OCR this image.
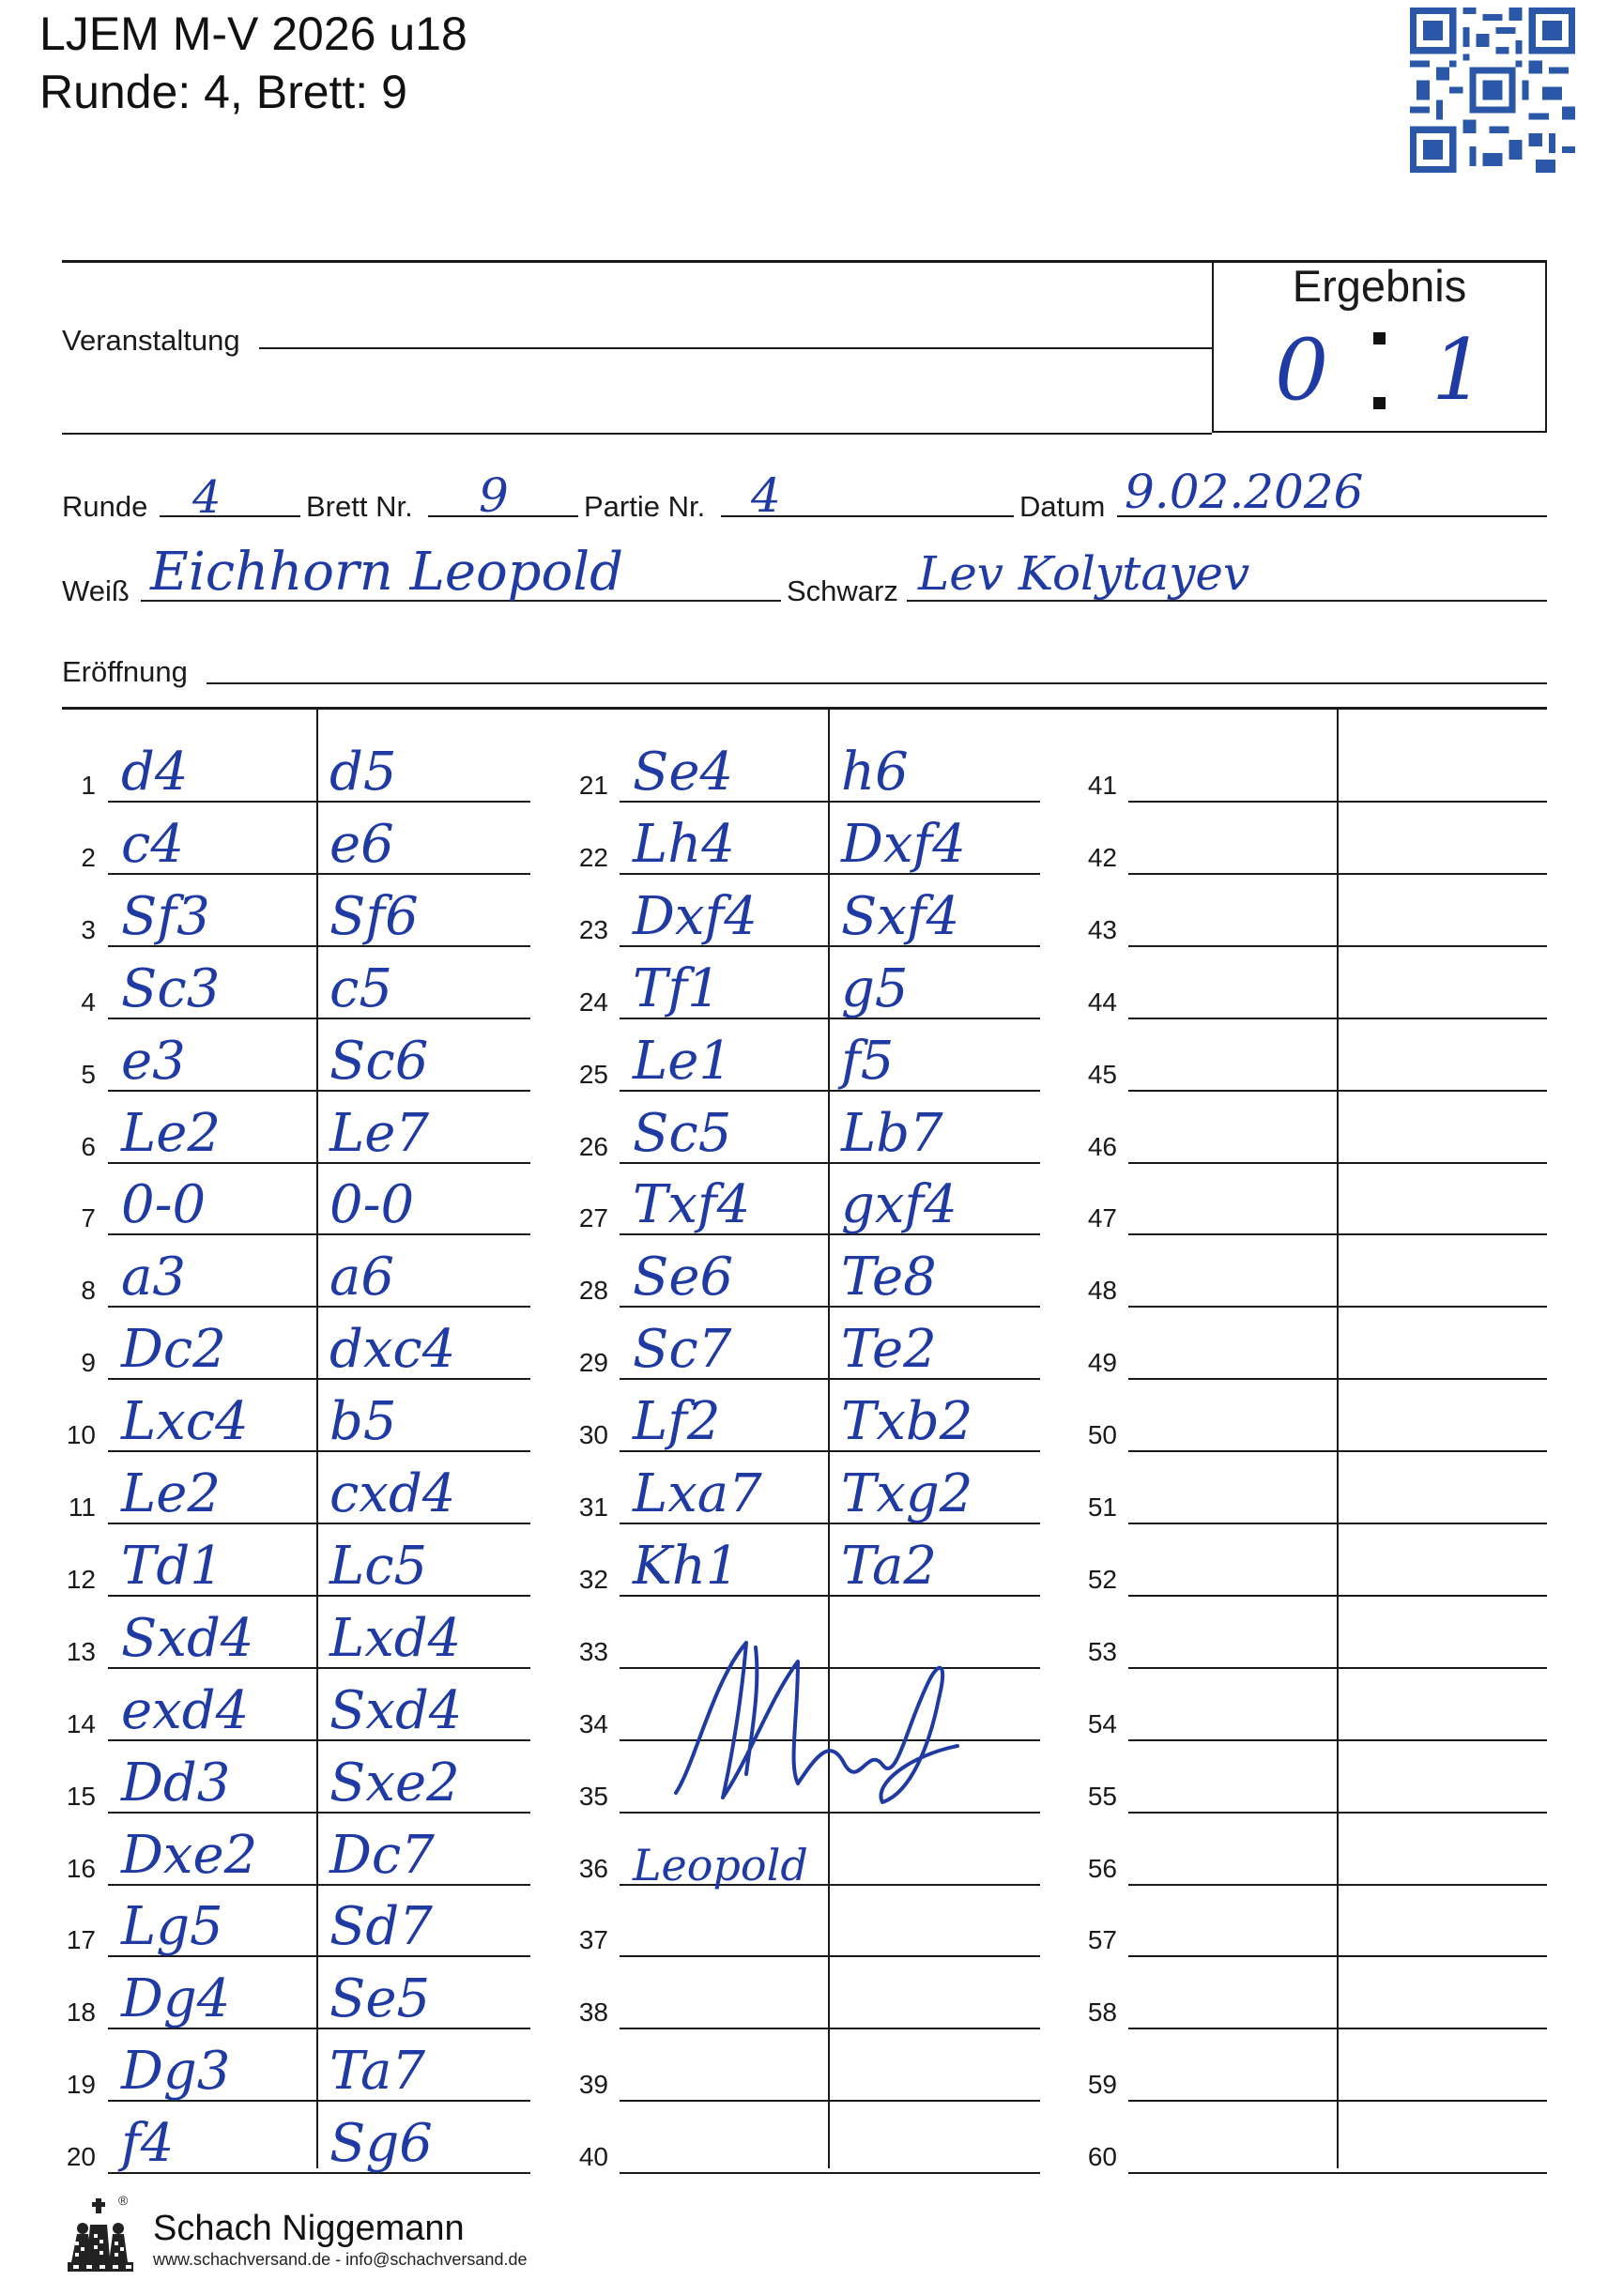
LJEM M-V 2026 u18
Runde: 4, Brett: 9
Veranstaltung
Ergebnis
0 1
Runde 4	Brett Nr. 9	Partie Nr. 4	Datum 9.02.2026
Weiß Eichhorn Leopold	Schwarz Lev Kolytayev
Eröffnung
1 d4	d5
2 c4	e6
3 Sf3 Sf6
4 Sc3 c5
5 e3	Sc6
6 Le2 Le7
7 0-0 0-0
8 a3	a6
9 Dc2 dxc4
10 Lxc4 b5
11 Le2 cxd4
12 Td1 Lc5
13 Sxd4 Lxd4
14 exd4 Sxd4
15 Dd3 Sxe2
16 Dxe2 Dc7
17 Lg5 Sd7
18 Dg4 Se5
19 Dg3 Ta7
20 f4	Sg6
21 Se4 h6
22 Lh4 Dxf4
23 Dxf4 Sxf4
24 Tf1 g5
25 Le1 f5
26 Sc5 Lb7
27 Txf4 gxf4
28 Se6 Te8
29 Sc7 Te2
30 Lf2 Txb2
31 Lxa7 Txg2
32 Kh1 Ta2
33
34
35
36 Leopold
37
38
39
40
41
42
43
44
45
46
47
48
49
50
51
52
53
54
55
56
57
58
59
60
®
Schach Niggemann
www.schachversand.de - info@schachversand.de
